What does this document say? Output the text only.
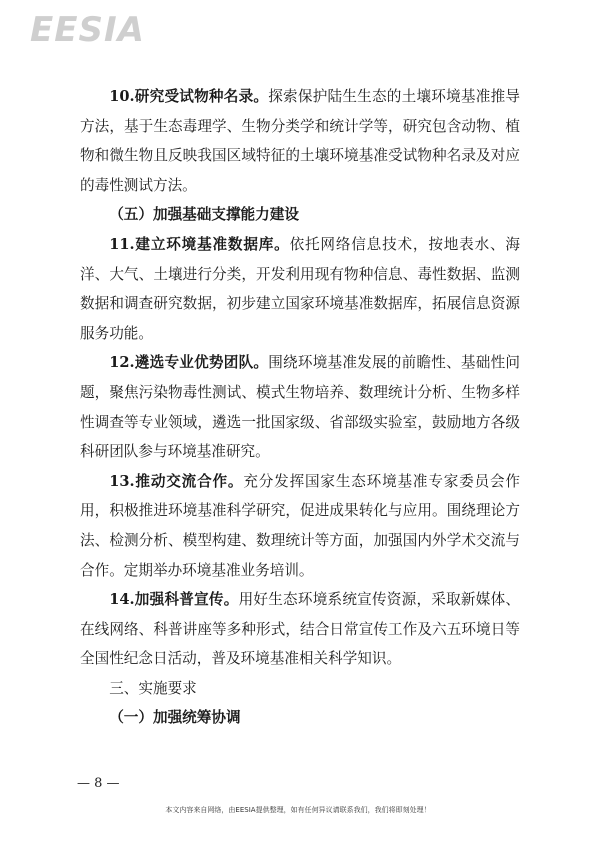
EESIA

10.研究受试物种名录。探索保护陆生生态的土壤环境基准推导方法，基于生态毒理学、生物分类学和统计学等，研究包含动物、植物和微生物且反映我国区域特征的土壤环境基准受试物种名录及对应的毒性测试方法。

（五）加强基础支撑能力建设

11.建立环境基准数据库。依托网络信息技术，按地表水、海洋、大气、土壤进行分类，开发利用现有物种信息、毒性数据、监测数据和调查研究数据，初步建立国家环境基准数据库，拓展信息资源服务功能。

12.遴选专业优势团队。围绕环境基准发展的前瞻性、基础性问题，聚焦污染物毒性测试、模式生物培养、数理统计分析、生物多样性调查等专业领域，遴选一批国家级、省部级实验室，鼓励地方各级科研团队参与环境基准研究。

13.推动交流合作。充分发挥国家生态环境基准专家委员会作用，积极推进环境基准科学研究，促进成果转化与应用。围绕理论方法、检测分析、模型构建、数理统计等方面，加强国内外学术交流与合作。定期举办环境基准业务培训。

14.加强科普宣传。用好生态环境系统宣传资源，采取新媒体、在线网络、科普讲座等多种形式，结合日常宣传工作及六五环境日等全国性纪念日活动，普及环境基准相关科学知识。

三、实施要求

（一）加强统筹协调

— 8 —
本文内容来自网络，由EESIA提供整理，如有任何异议请联系我们，我们将即刻处理！
